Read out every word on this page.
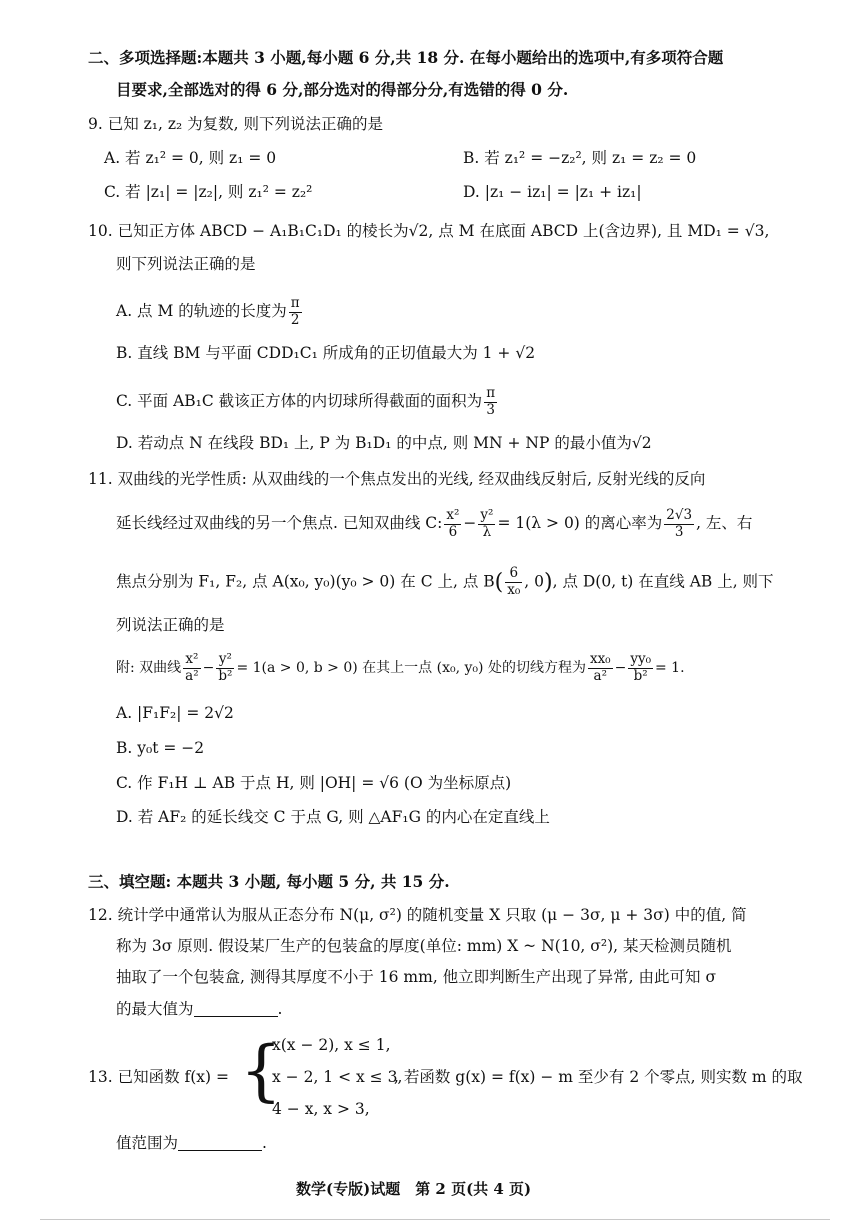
二、多项选择题:本题共 3 小题,每小题 6 分,共 18 分. 在每小题给出的选项中,有多项符合题
目要求,全部选对的得 6 分,部分选对的得部分分,有选错的得 0 分.
9. 已知 z₁, z₂ 为复数, 则下列说法正确的是
A. 若 z₁² = 0, 则 z₁ = 0	B. 若 z₁² = −z₂², 则 z₁ = z₂ = 0
C. 若 |z₁| = |z₂|, 则 z₁² = z₂²	D. |z₁ − iz₁| = |z₁ + iz₁|
10. 已知正方体 ABCD − A₁B₁C₁D₁ 的棱长为√2, 点 M 在底面 ABCD 上(含边界), 且 MD₁ = √3,
则下列说法正确的是
A. 点 M 的轨迹的长度为 $\frac{\pi}{2}$
B. 直线 BM 与平面 CDD₁C₁ 所成角的正切值最大为 1 + √2
C. 平面 AB₁C 截该正方体的内切球所得截面的面积为 $\frac{\pi}{3}$
D. 若动点 N 在线段 BD₁ 上, P 为 B₁D₁ 的中点, 则 MN + NP 的最小值为√2
11. 双曲线的光学性质: 从双曲线的一个焦点发出的光线, 经双曲线反射后, 反射光线的反向
延长线经过双曲线的另一个焦点. 已知双曲线 C: $\frac{\text{x²}}{6} - \frac{\text{y²}}{\lambda} = 1(\lambda > 0)$ 的离心率为 $\frac{2√3}{3}$ , 左、右
焦点分别为 F₁, F₂, 点 A(x₀, y₀)(y₀ > 0) 在 C 上, 点 $B( \frac{6}{\text{x₀}}$ , 0), 点 D(0, t) 在直线 AB 上, 则下
列说法正确的是
附: 双曲线 $\frac{\text{x²}}{\text{a²}} - \frac{\text{y²}}{\text{b²}} = 1(a > 0$, b > 0) 在其上一点 (x₀, y₀) 处的切线方程为 $\frac{\text{xx₀}}{\text{a²}} - \frac{\text{yy₀}}{\text{b²}} = 1$.
A. |F₁F₂| = 2√2
B. y₀t = −2
C. 作 F₁H ⊥ AB 于点 H, 则 |OH| = √6 (O 为坐标原点)
D. 若 AF₂ 的延长线交 C 于点 G, 则 △AF₁G 的内心在定直线上
三、填空题: 本题共 3 小题, 每小题 5 分, 共 15 分.
12. 统计学中通常认为服从正态分布 N(μ, σ²) 的随机变量 X 只取 (μ − 3σ, μ + 3σ) 中的值, 简
称为 3σ 原则. 假设某厂生产的包装盒的厚度(单位: mm) X ~ N(10, σ²), 某天检测员随机
抽取了一个包装盒, 测得其厚度不小于 16 mm, 他立即判断生产出现了异常, 由此可知 σ
的最大值为	.
13. 已知函数 f(x) = {
x(x − 2), x ≤ 1,
x − 2, 1 < x ≤ 3,
4 − x, x > 3,
, 若函数 g(x) = f(x) − m 至少有 2 个零点, 则实数 m 的取
值范围为	.
数学(专版)试题　第 2 页(共 4 页)
